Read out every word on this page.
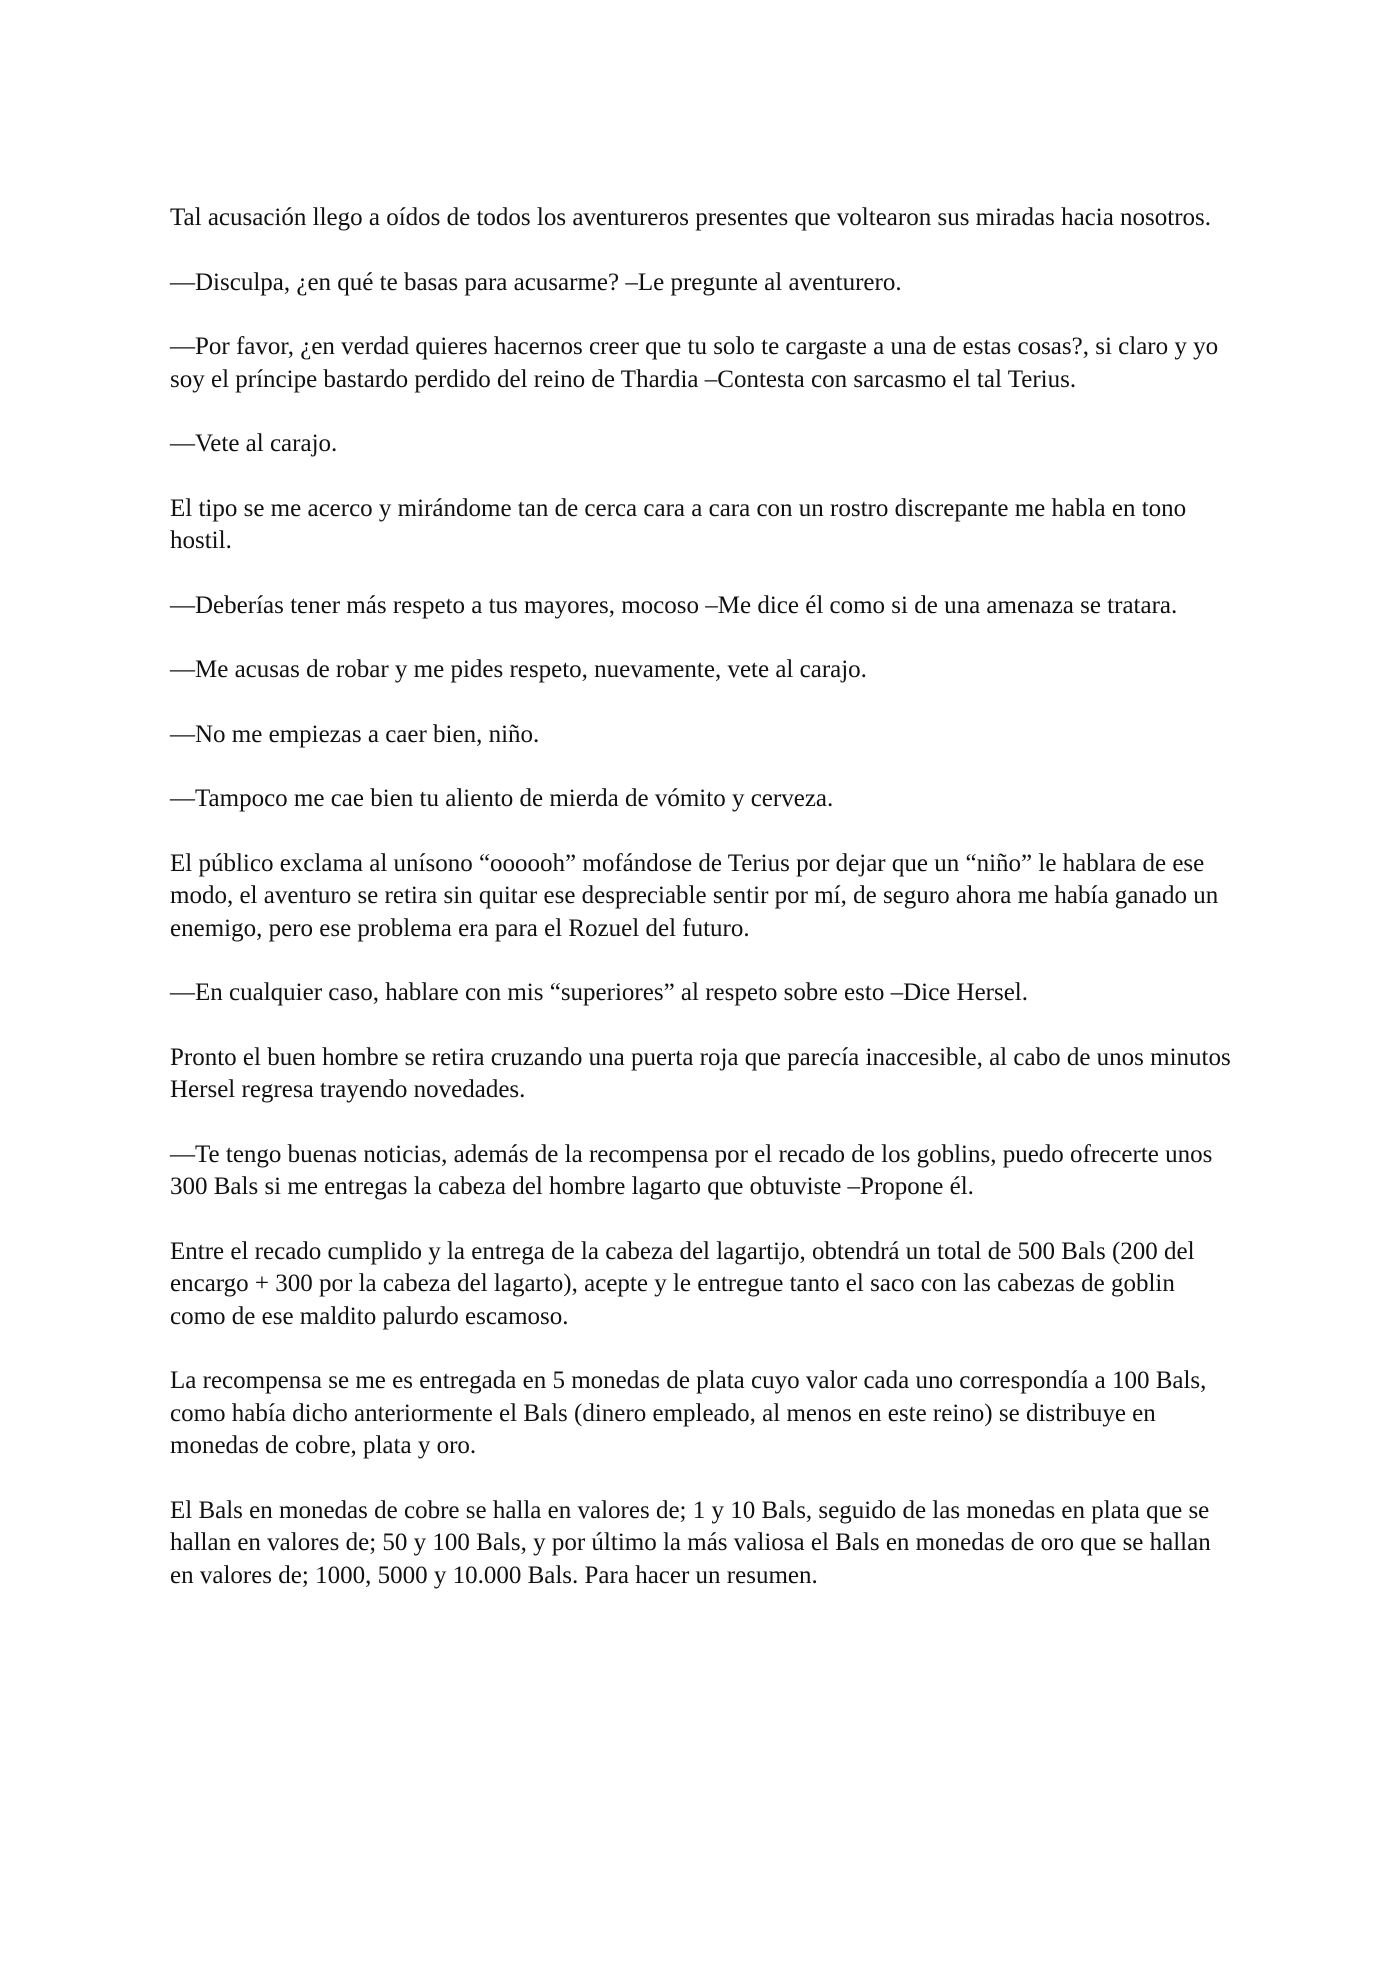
Tal acusación llego a oídos de todos los aventureros presentes que voltearon sus miradas hacia nosotros.

—Disculpa, ¿en qué te basas para acusarme? –Le pregunte al aventurero.

—Por favor, ¿en verdad quieres hacernos creer que tu solo te cargaste a una de estas cosas?, si claro y yo soy el príncipe bastardo perdido del reino de Thardia –Contesta con sarcasmo el tal Terius.

—Vete al carajo.

El tipo se me acerco y mirándome tan de cerca cara a cara con un rostro discrepante me habla en tono hostil.

—Deberías tener más respeto a tus mayores, mocoso –Me dice él como si de una amenaza se tratara.

—Me acusas de robar y me pides respeto, nuevamente, vete al carajo.

—No me empiezas a caer bien, niño.

—Tampoco me cae bien tu aliento de mierda de vómito y cerveza.

El público exclama al unísono “oooooh” mofándose de Terius por dejar que un “niño” le hablara de ese modo, el aventuro se retira sin quitar ese despreciable sentir por mí, de seguro ahora me había ganado un enemigo, pero ese problema era para el Rozuel del futuro.

—En cualquier caso, hablare con mis “superiores” al respeto sobre esto –Dice Hersel.

Pronto el buen hombre se retira cruzando una puerta roja que parecía inaccesible, al cabo de unos minutos Hersel regresa trayendo novedades.

—Te tengo buenas noticias, además de la recompensa por el recado de los goblins, puedo ofrecerte unos 300 Bals si me entregas la cabeza del hombre lagarto que obtuviste –Propone él.

Entre el recado cumplido y la entrega de la cabeza del lagartijo, obtendrá un total de 500 Bals (200 del encargo + 300 por la cabeza del lagarto), acepte y le entregue tanto el saco con las cabezas de goblin como de ese maldito palurdo escamoso.

La recompensa se me es entregada en 5 monedas de plata cuyo valor cada uno correspondía a 100 Bals, como había dicho anteriormente el Bals (dinero empleado, al menos en este reino) se distribuye en monedas de cobre, plata y oro.

El Bals en monedas de cobre se halla en valores de; 1 y 10 Bals, seguido de las monedas en plata que se hallan en valores de; 50 y 100 Bals, y por último la más valiosa el Bals en monedas de oro que se hallan en valores de; 1000, 5000 y 10.000 Bals. Para hacer un resumen.
